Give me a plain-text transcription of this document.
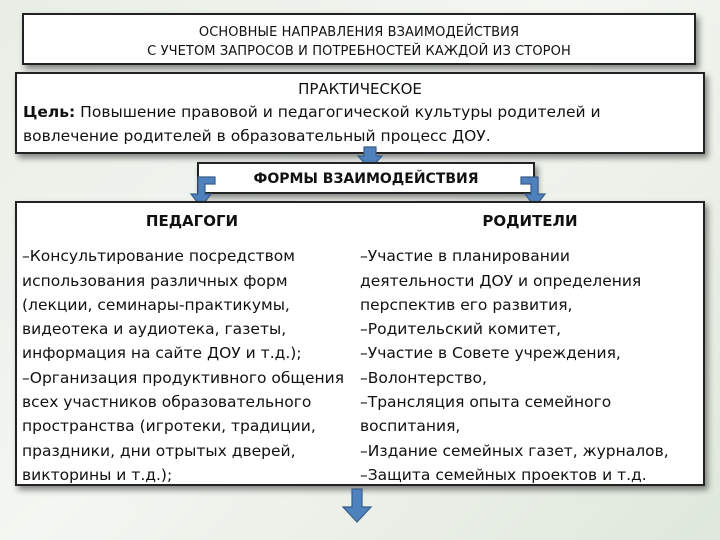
ОСНОВНЫЕ НАПРАВЛЕНИЯ ВЗАИМОДЕЙСТВИЯ
С УЧЕТОМ ЗАПРОСОВ И ПОТРЕБНОСТЕЙ КАЖДОЙ ИЗ СТОРОН
ПРАКТИЧЕСКОЕ
Цель: Повышение правовой и педагогической культуры родителей и
вовлечение родителей в образовательный процесс ДОУ.
ФОРМЫ ВЗАИМОДЕЙСТВИЯ
ПЕДАГОГИ
–Консультирование посредством
использования различных форм
(лекции, семинары-практикумы,
видеотека и аудиотека, газеты,
информация на сайте ДОУ и т.д.);
–Организация продуктивного общения
всех участников образовательного
пространства (игротеки, традиции,
праздники, дни отрытых дверей,
викторины и т.д.);
РОДИТЕЛИ
–Участие в планировании
деятельности ДОУ и определения
перспектив его развития,
–Родительский комитет,
–Участие в Совете учреждения,
–Волонтерство,
–Трансляция опыта семейного
воспитания,
–Издание семейных газет, журналов,
–Защита семейных проектов и т.д.
